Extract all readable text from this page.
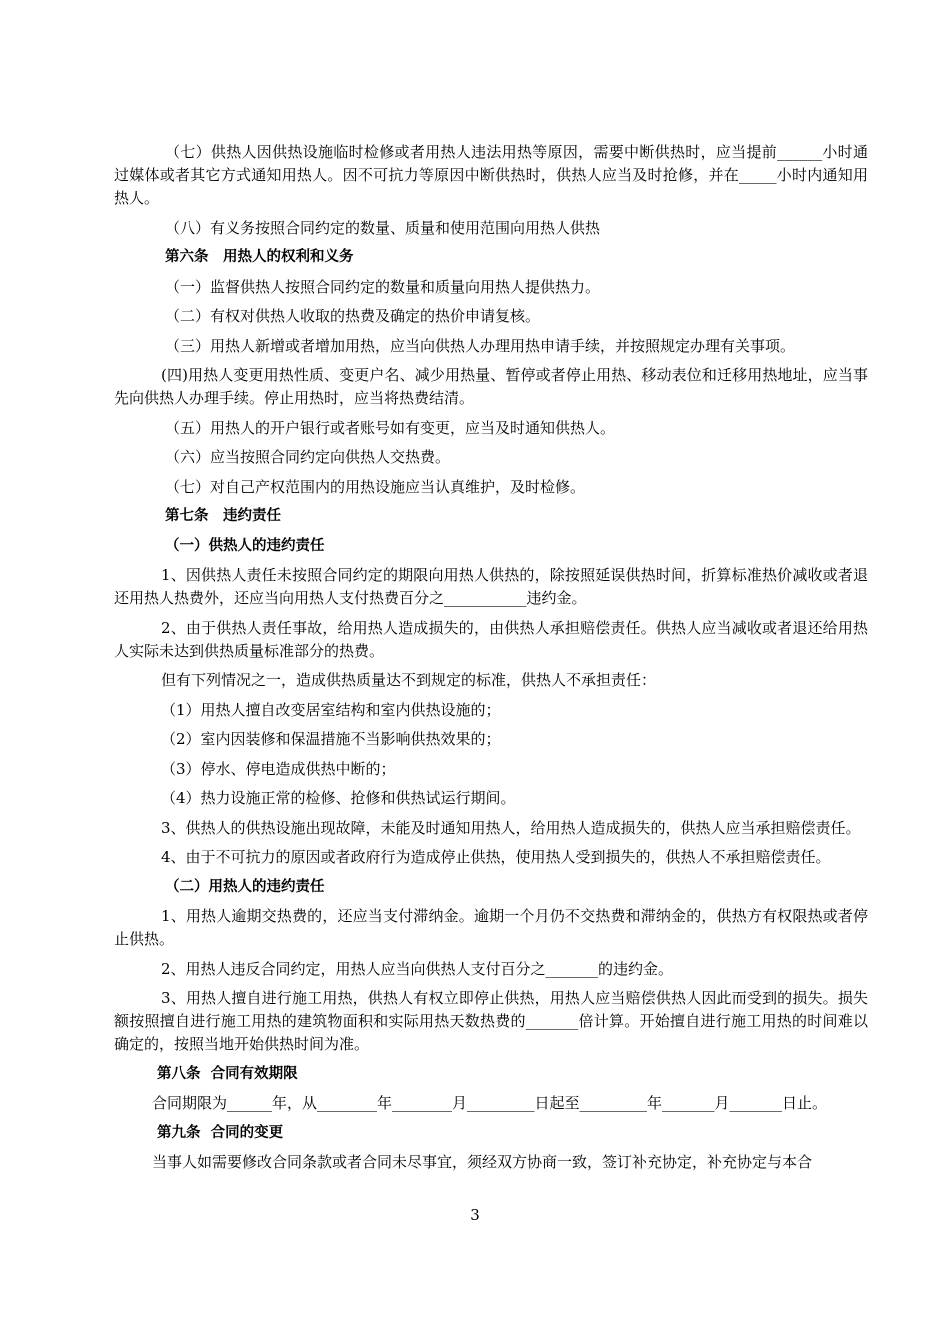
（七）供热人因供热设施临时检修或者用热人违法用热等原因，需要中断供热时，应当提前______小时通过媒体或者其它方式通知用热人。因不可抗力等原因中断供热时，供热人应当及时抢修，并在_____小时内通知用热人。

（八）有义务按照合同约定的数量、质量和使用范围向用热人供热

第六条　用热人的权利和义务

（一）监督供热人按照合同约定的数量和质量向用热人提供热力。

（二）有权对供热人收取的热费及确定的热价申请复核。

（三）用热人新增或者增加用热，应当向供热人办理用热申请手续，并按照规定办理有关事项。

(四)用热人变更用热性质、变更户名、减少用热量、暂停或者停止用热、移动表位和迁移用热地址，应当事先向供热人办理手续。停止用热时，应当将热费结清。

（五）用热人的开户银行或者账号如有变更，应当及时通知供热人。

（六）应当按照合同约定向供热人交热费。

（七）对自己产权范围内的用热设施应当认真维护，及时检修。

第七条　违约责任

（一）供热人的违约责任

1、因供热人责任未按照合同约定的期限向用热人供热的，除按照延误供热时间，折算标准热价减收或者退还用热人热费外，还应当向用热人支付热费百分之___________违约金。

2、由于供热人责任事故，给用热人造成损失的，由供热人承担赔偿责任。供热人应当减收或者退还给用热人实际未达到供热质量标准部分的热费。

但有下列情况之一，造成供热质量达不到规定的标准，供热人不承担责任：

（1）用热人擅自改变居室结构和室内供热设施的；

（2）室内因装修和保温措施不当影响供热效果的；

（3）停水、停电造成供热中断的；

（4）热力设施正常的检修、抢修和供热试运行期间。

3、供热人的供热设施出现故障，未能及时通知用热人，给用热人造成损失的，供热人应当承担赔偿责任。

4、由于不可抗力的原因或者政府行为造成停止供热，使用热人受到损失的，供热人不承担赔偿责任。

（二）用热人的违约责任

1、用热人逾期交热费的，还应当支付滞纳金。逾期一个月仍不交热费和滞纳金的，供热方有权限热或者停止供热。

2、用热人违反合同约定，用热人应当向供热人支付百分之_______的违约金。

3、用热人擅自进行施工用热，供热人有权立即停止供热，用热人应当赔偿供热人因此而受到的损失。损失额按照擅自进行施工用热的建筑物面积和实际用热天数热费的_______倍计算。开始擅自进行施工用热的时间难以确定的，按照当地开始供热时间为准。

第八条  合同有效期限

合同期限为______年，从________年________月_________日起至_________年_______月_______日止。

第九条  合同的变更

当事人如需要修改合同条款或者合同未尽事宜，须经双方协商一致，签订补充协定，补充协定与本合

3
